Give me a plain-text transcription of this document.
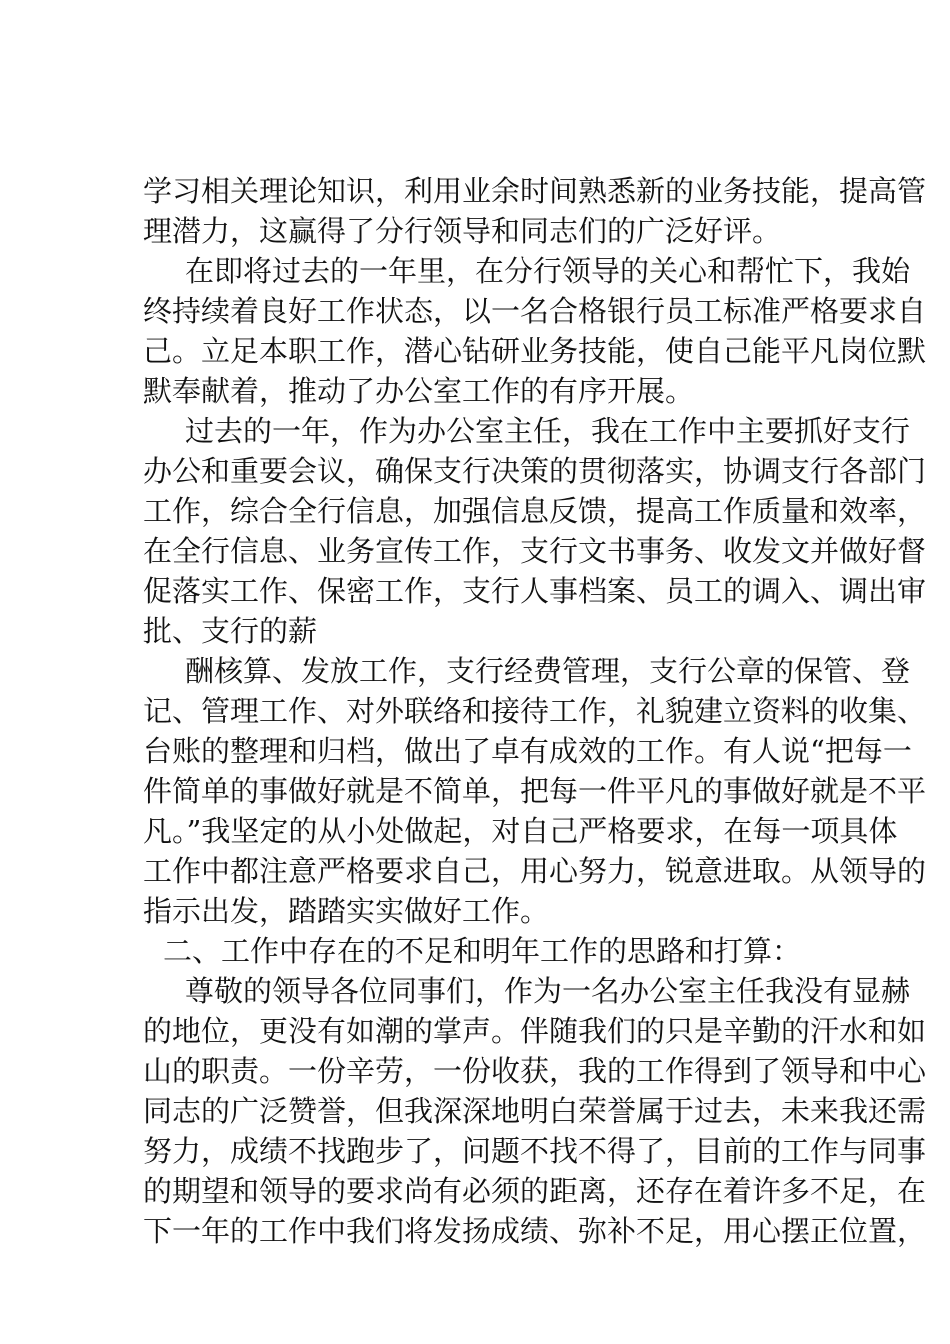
学习相关理论知识，利用业余时间熟悉新的业务技能，提高管
理潜力，这赢得了分行领导和同志们的广泛好评。
在即将过去的一年里，在分行领导的关心和帮忙下，我始
终持续着良好工作状态，以一名合格银行员工标准严格要求自
己。立足本职工作，潜心钻研业务技能，使自己能平凡岗位默
默奉献着，推动了办公室工作的有序开展。
过去的一年，作为办公室主任，我在工作中主要抓好支行
办公和重要会议，确保支行决策的贯彻落实，协调支行各部门
工作，综合全行信息，加强信息反馈，提高工作质量和效率，
在全行信息、业务宣传工作，支行文书事务、收发文并做好督
促落实工作、保密工作，支行人事档案、员工的调入、调出审
批、支行的薪
酬核算、发放工作，支行经费管理，支行公章的保管、登
记、管理工作、对外联络和接待工作，礼貌建立资料的收集、
台账的整理和归档，做出了卓有成效的工作。有人说“把每一
件简单的事做好就是不简单，把每一件平凡的事做好就是不平
凡。”我坚定的从小处做起，对自己严格要求，在每一项具体
工作中都注意严格要求自己，用心努力，锐意进取。从领导的
指示出发，踏踏实实做好工作。
二、工作中存在的不足和明年工作的思路和打算：
尊敬的领导各位同事们，作为一名办公室主任我没有显赫
的地位，更没有如潮的掌声。伴随我们的只是辛勤的汗水和如
山的职责。一份辛劳，一份收获，我的工作得到了领导和中心
同志的广泛赞誉，但我深深地明白荣誉属于过去，未来我还需
努力，成绩不找跑步了，问题不找不得了，目前的工作与同事
的期望和领导的要求尚有必须的距离，还存在着许多不足，在
下一年的工作中我们将发扬成绩、弥补不足，用心摆正位置，
